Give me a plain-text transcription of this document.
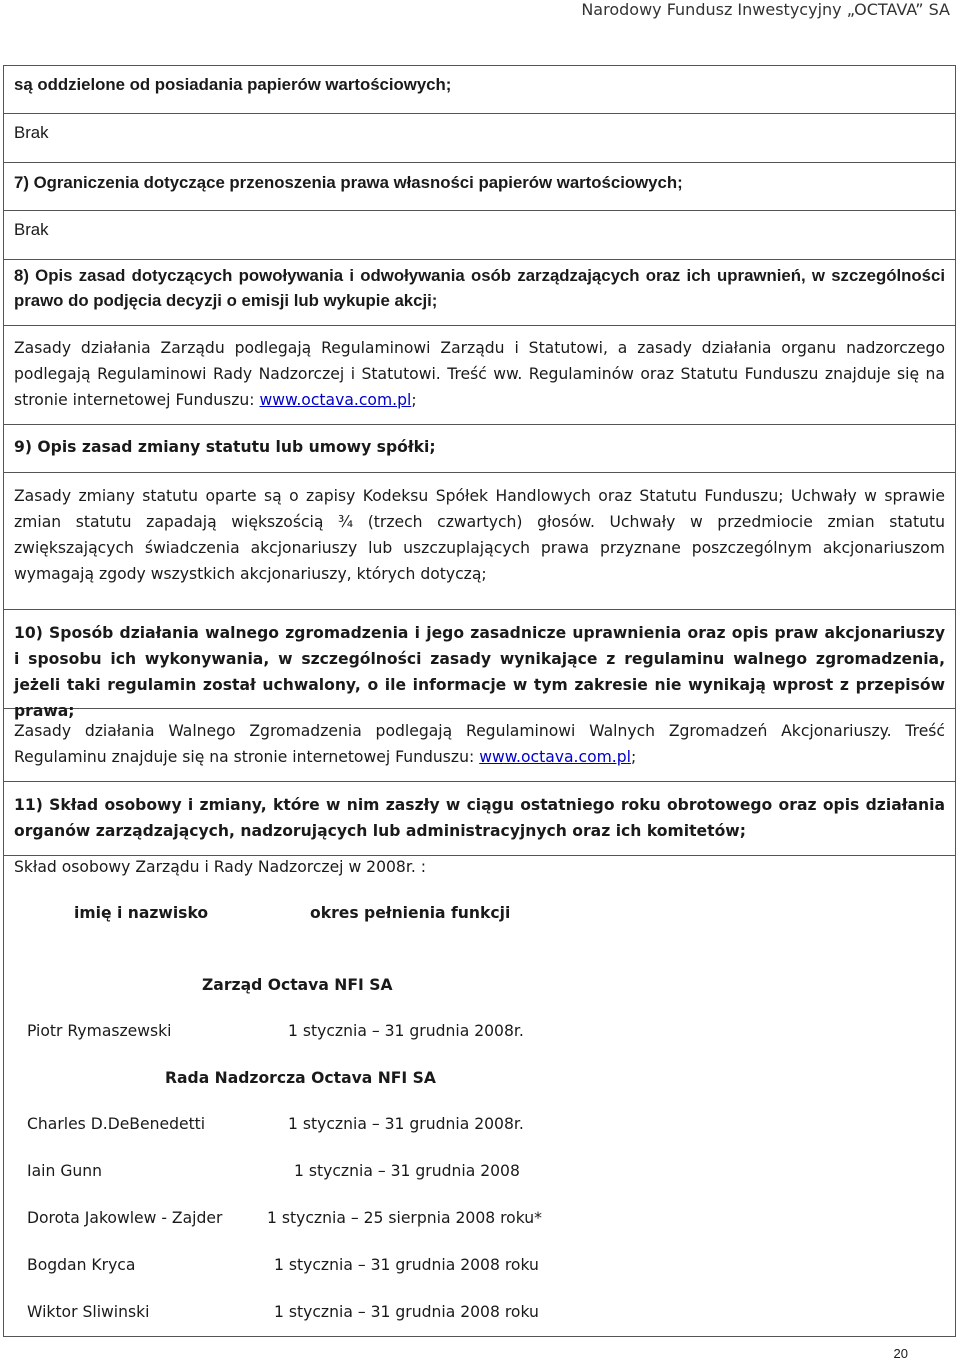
Narodowy Fundusz Inwestycyjny „OCTAVA” SA
są oddzielone od posiadania papierów wartościowych;
Brak
7) Ograniczenia dotyczące przenoszenia prawa własności papierów wartościowych;
Brak
8) Opis zasad dotyczących powoływania i odwoływania osób zarządzających oraz ich uprawnień, w szczególności prawo do podjęcia decyzji o emisji lub wykupie akcji;
Zasady działania Zarządu podlegają Regulaminowi Zarządu i Statutowi, a zasady działania organu nadzorczego podlegają Regulaminowi Rady Nadzorczej i Statutowi. Treść ww. Regulaminów oraz Statutu Funduszu znajduje się na stronie internetowej Funduszu: www.octava.com.pl;
9) Opis zasad zmiany statutu lub umowy spółki;
Zasady zmiany statutu oparte są o zapisy Kodeksu Spółek Handlowych oraz Statutu Funduszu; Uchwały w sprawie zmian statutu zapadają większością ¾ (trzech czwartych) głosów. Uchwały w przedmiocie zmian statutu zwiększających świadczenia akcjonariuszy lub uszczuplających prawa przyznane poszczególnym akcjonariuszom wymagają zgody wszystkich akcjonariuszy, których dotyczą;
10) Sposób działania walnego zgromadzenia i jego zasadnicze uprawnienia oraz opis praw akcjonariuszy i sposobu ich wykonywania, w szczególności zasady wynikające z regulaminu walnego zgromadzenia, jeżeli taki regulamin został uchwalony, o ile informacje w tym zakresie nie wynikają wprost z przepisów prawa;
Zasady działania Walnego Zgromadzenia podlegają Regulaminowi Walnych Zgromadzeń Akcjonariuszy. Treść Regulaminu znajduje się na stronie internetowej Funduszu: www.octava.com.pl;
11) Skład osobowy i zmiany, które w nim zaszły w ciągu ostatniego roku obrotowego oraz opis działania organów zarządzających, nadzorujących lub administracyjnych oraz ich komitetów;
Skład osobowy Zarządu i Rady Nadzorczej w 2008r. :
imię i nazwisko	okres pełnienia funkcji
Zarząd Octava NFI SA
Piotr Rymaszewski	1 stycznia – 31 grudnia 2008r.
Rada Nadzorcza Octava NFI SA
Charles D.DeBenedetti	1 stycznia – 31 grudnia 2008r.
Iain Gunn	1 stycznia – 31 grudnia 2008
Dorota Jakowlew - Zajder	1 stycznia – 25 sierpnia 2008 roku*
Bogdan Kryca	1 stycznia – 31 grudnia 2008 roku
Wiktor Sliwinski	1 stycznia – 31 grudnia 2008 roku
20
